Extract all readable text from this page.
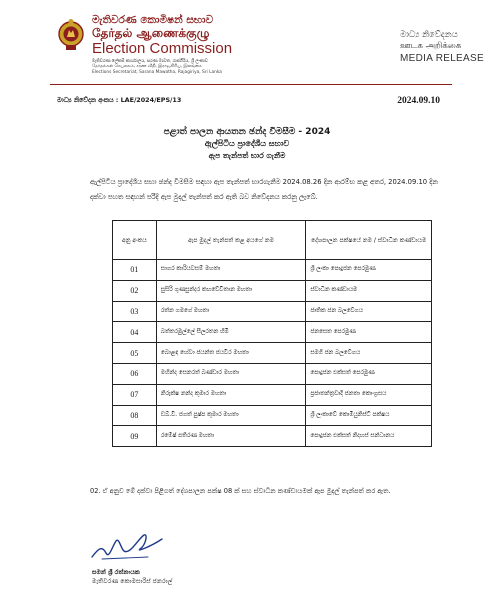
මැතිවරණ කොමිෂන් සභාව
தேர்தல் ஆணைக்குழு
Election Commission
මැතිවරණ ලේකම් කාර්යාලය, සරණ මාවත, රාජගිරිය, ශ්‍රී ලංකාව
தேர்தல்கள் செயலகம், சரண வீதி, இராஜகிரிய, இலங்கை
Elections Secretariat, Sarana Mawatha, Rajagiriya, Sri Lanka
මාධ්‍ය නිවේදනය
ஊடக அறிக்கை
MEDIA RELEASE
මාධ්‍ය නිවේදන අංකය : LAE/2024/EPS/13	2024.09.10
පළාත් පාලන ආයතන ඡන්ද විමසීම - 2024
ඇල්පිටිය ප්‍රාදේශීය සභාව
ඇප තැන්පත් භාර ගැනීම
ඇල්පිටිය ප්‍රාදේශීය සභා ඡන්ද විමසීම සඳහා ඇප තැන්පත් භාරගැනීම 2024.08.26 දින ආරම්භ කළ අතර, 2024.09.10 දින දක්වා පහත සඳහන් පරිදි ඇප මුදල් තැන්පත් කර ඇති බව නිවේදනය කරනු ලැබේ.
අනු අංකය	ඇප මුදල් තැන්පත් කළ අයගේ නම	දේශපාලන පක්ෂයේ නම / ස්වාධීන කණ්ඩායම
01	සාගර කාරියවසම් මහතා	ශ්‍රී ලංකා පොදුජන පෙරමුණ
02	සුසිරි ගුණසුන්දර කහවේවිතාන මහතා	ස්වාධීන කණ්ඩායම
03	රත්න ගමගේ මහතා	ජාතික ජන බලවේගය
04	බත්තරමුල්ලේ සීලරතන හිමි	ජනසෙත පෙරමුණ
05	බොළඳ හේවා ජයන්ත ජයවීර මහතා	සමගි ජන බලවේගය
06	මහින්ද සෙනරත් බණ්ඩාර මහතා	පොදුජන එක්සත් පෙරමුණ
07	නිරුක්ෂ නන්ද කුමාර මහතා	ප්‍රජාතන්ත්‍රවාදී ජනතා කොංග්‍රසය
08	ඩබ්.වී. ජගත් පුෂ්ප කුමාර මහතා	ශ්‍රී ලංකාවේ කොමියුනිස්ට් පක්ෂය
09	රමේෂ් පතිරණ මහතා	පොදුජන එක්සත් නිදහස් සන්ධානය
02. ඒ අනුව මේ දක්වා පිළිගත් දේශපාලන පක්ෂ 08 ක් සහ ස්වාධීන කණ්ඩායමක් ඇප මුදල් තැන්පත් කර ඇත.
සමන් ශ්‍රී රත්නායක
මැතිවරණ කොමසාරිස් ජනරාල්
